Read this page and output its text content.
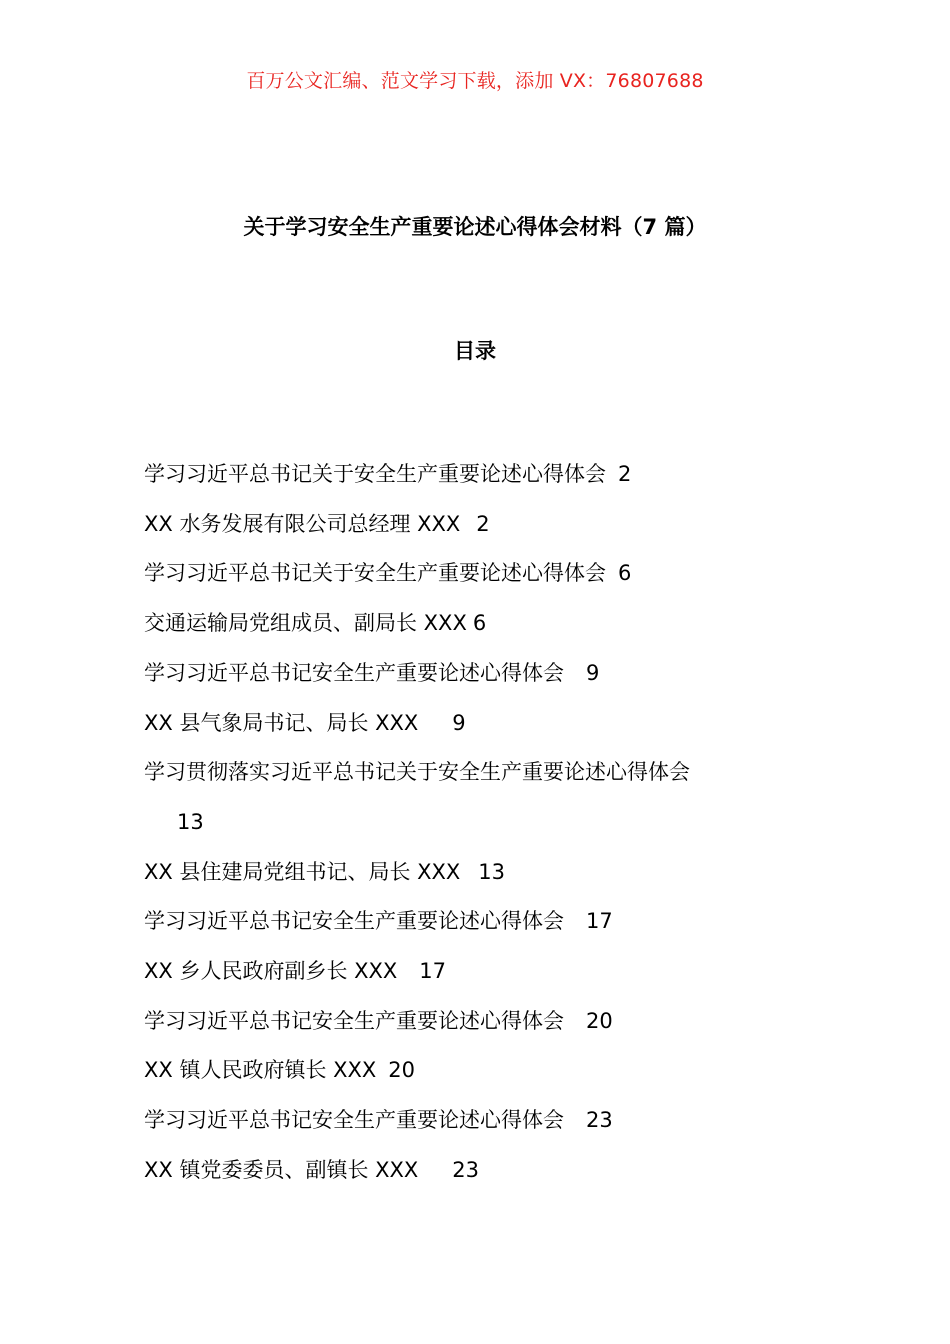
百万公文汇编、范文学习下载，添加 VX：76807688
关于学习安全生产重要论述心得体会材料（7 篇）
目录
学习习近平总书记关于安全生产重要论述心得体会 2
XX 水务发展有限公司总经理 XXX 2
学习习近平总书记关于安全生产重要论述心得体会 6
交通运输局党组成员、副局长 XXX 6
学习习近平总书记安全生产重要论述心得体会 9
XX 县气象局书记、局长 XXX 9
学习贯彻落实习近平总书记关于安全生产重要论述心得体会
13
XX 县住建局党组书记、局长 XXX 13
学习习近平总书记安全生产重要论述心得体会 17
XX 乡人民政府副乡长 XXX 17
学习习近平总书记安全生产重要论述心得体会 20
XX 镇人民政府镇长 XXX 20
学习习近平总书记安全生产重要论述心得体会 23
XX 镇党委委员、副镇长 XXX 23
